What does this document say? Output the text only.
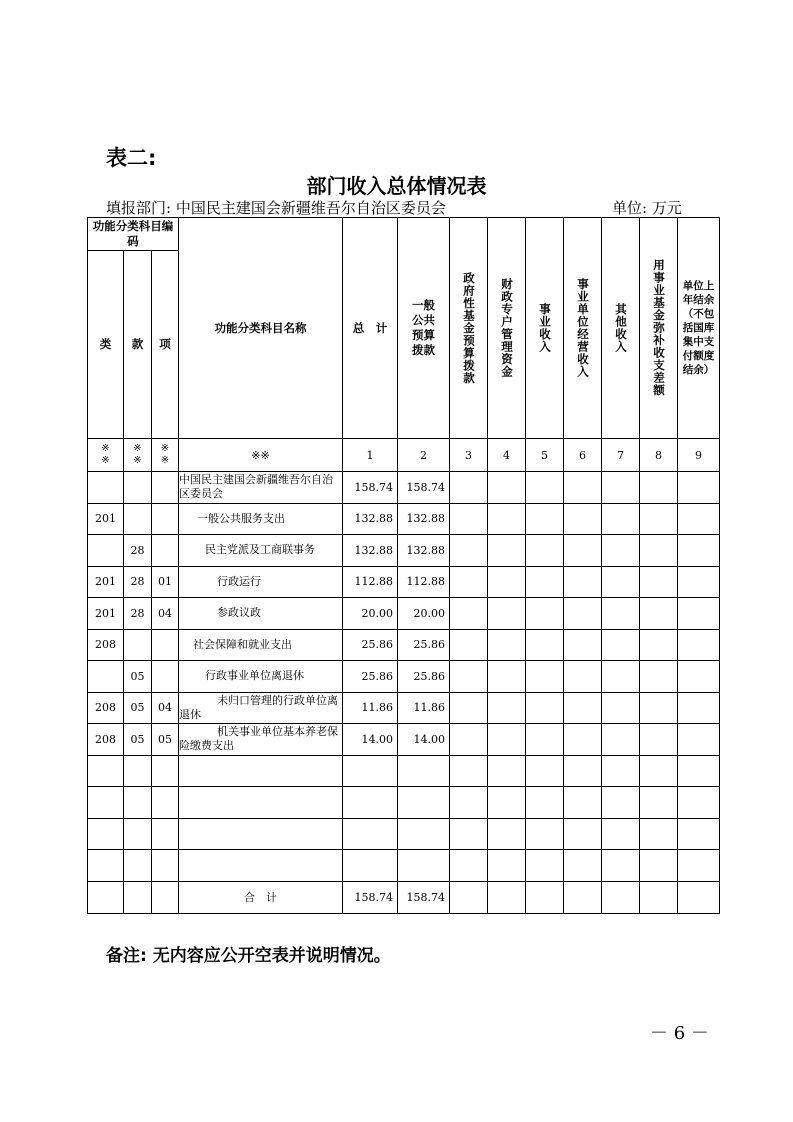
表二:
部门收入总体情况表
填报部门: 中国民主建国会新疆维吾尔自治区委员会	单位: 万元
功能分类科目编码			功能分类科目名称	总　计	一般公共预算拨款	政府性基金预算拨款	财政专户管理资金	事业收入	事业单位经营收入	其他收入	用事业基金弥补收支差额	单位上年结余（不包括国库集中支付额度结余）
类	款	项										
※※	※※	※※	※※	1	2	3	4	5	6	7	8	9
			中国民主建国会新疆维吾尔自治区委员会	158.74	158.74							
201			一般公共服务支出	132.88	132.88							
	28		民主党派及工商联事务	132.88	132.88							
201	28	01	行政运行	112.88	112.88							
201	28	04	参政议政	20.00	20.00							
208			社会保障和就业支出	25.86	25.86							
	05		行政事业单位离退休	25.86	25.86							
208	05	04	未归口管理的行政单位离退休	11.86	11.86							
208	05	05	机关事业单位基本养老保险缴费支出	14.00	14.00							

			合　计	158.74	158.74							
备注: 无内容应公开空表并说明情况。
－ 6 －
